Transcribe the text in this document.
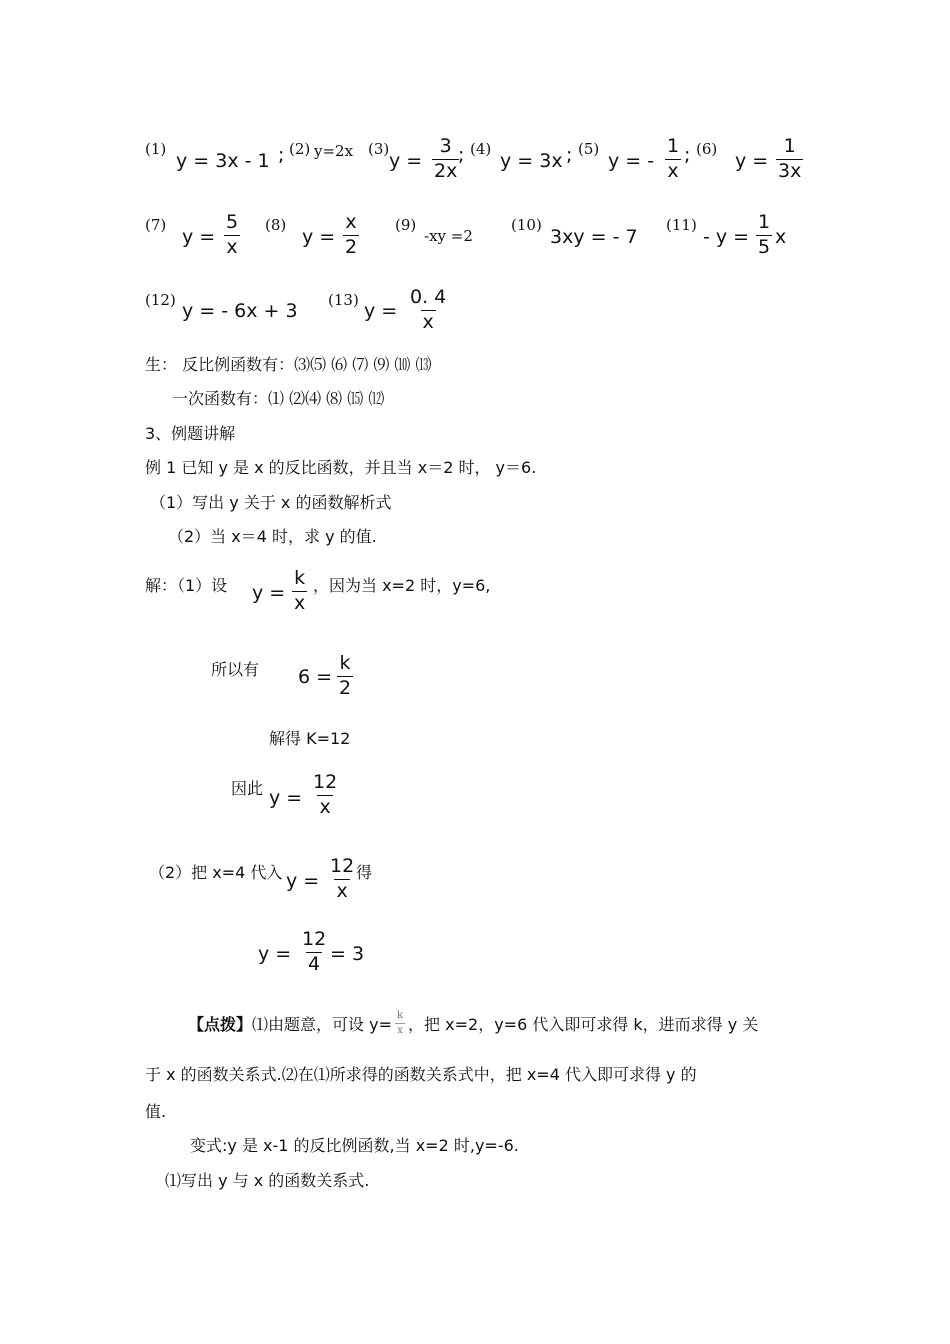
(1)
y = 3x - 1 ; (2) y=2x (3)
$y = \frac{3}{2x}$
; (4)
y = 3x ; (5)
y = - $\frac{1}{x}$ ; (6)
$y = \frac{1}{3x}$
(7)
$y = \frac{5}{x} (8)$
$y = \frac{x}{2} (9)$
-xy =2
(10)
3xy = - 7
(11)
- $y = \frac{1}{5}$ x
(12) y = - 6x + 3 (13) $y = \frac{0. 4}{x}$
生： 反比例函数有：⑶⑸ ⑹ ⑺ ⑼ ⑽ ⒀
一次函数有：⑴ ⑵⑷ ⑻ ⒂ ⑿
3、例题讲解
例 1 已知 y 是 x 的反比函数，并且当 x＝2 时， y＝6.
（1）写出 y 关于 x 的函数解析式
（2）当 x＝4 时，求 y 的值.
解：（1）设 $y = \frac{k}{x}$ ，因为当 x=2 时，y=6,
所以有 $6 = \frac{k}{2}$
解得 K=12
因此 $y = \frac{12}{x}$
（2）把 x=4 代入 $y = \frac{12}{x}$ 得
$y = \frac{12}{4} = 3$
【点拨】 ⑴由题意，可设 $y= \frac{k}{x}$ ，把 x=2，y=6 代入即可求得 k，进而求得 y 关
于 x 的函数关系式.⑵在⑴所求得的函数关系式中，把 x=4 代入即可求得 y 的
值.
变式:y 是 x-1 的反比例函数,当 x=2 时,y=-6.
⑴写出 y 与 x 的函数关系式.
